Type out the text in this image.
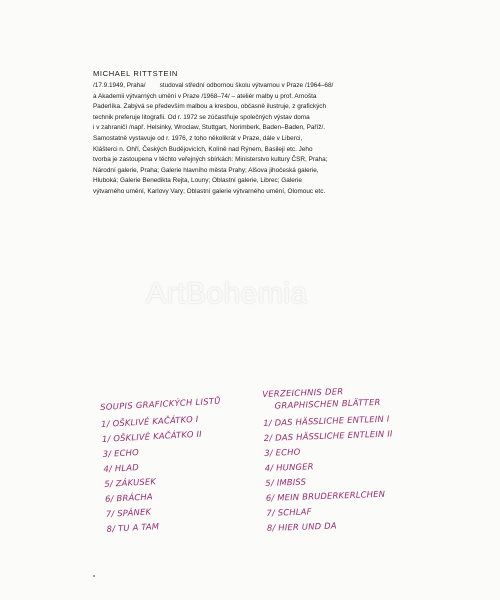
MICHAEL RITTSTEIN

/17.9.1949, Praha/ studoval střední odbornou školu výtvarnou v Praze /1964–68/
a Akademii výtvarných umění v Praze /1968–74/ – ateliér malby u prof. Arnošta
Paderlíka. Zabývá se především malbou a kresbou, občasně ilustruje, z grafických
technik preferuje litografii. Od r. 1972 se zúčastňuje společných výstav doma
i v zahraničí /např. Helsinky, Wroclaw, Stuttgart, Norimberk, Baden–Baden, Paříž/.
Samostatně vystavuje od r. 1976, z toho několikrát v Praze, dále v Liberci,
Klášterci n. Ohří, Českých Budějovicích, Kolíně nad Rýnem, Basileji etc. Jeho
tvorba je zastoupena v těchto veřejných sbírkách: Ministerstvo kultury ČSR, Praha;
Národní galerie, Praha; Galerie hlavního města Prahy; Alšova jihočeská galerie,
Hluboká; Galerie Benedikta Rejta, Louny; Oblastní galerie, Librec; Galerie
výtvarného umění, Karlovy Vary; Oblastní galerie výtvarného umění, Olomouc etc.

ArtBohemia
SOUPIS GRAFICKÝCH LISTŮ
1/ OŠKLIVÉ KAČÁTKO I
1/ OŠKLIVÉ KAČÁTKO II
3/ ECHO
4/ HLAD
5/ ZÁKUSEK
6/ BRÁCHA
7/ SPÁNEK
8/ TU A TAM
VERZEICHNIS DER
GRAPHISCHEN BLÄTTER
1/ DAS HÄSSLICHE ENTLEIN I
2/ DAS HÄSSLICHE ENTLEIN II
3/ ECHO
4/ HUNGER
5/ IMBISS
6/ MEIN BRUDERKERLCHEN
7/ SCHLAF
8/ HIER UND DA
